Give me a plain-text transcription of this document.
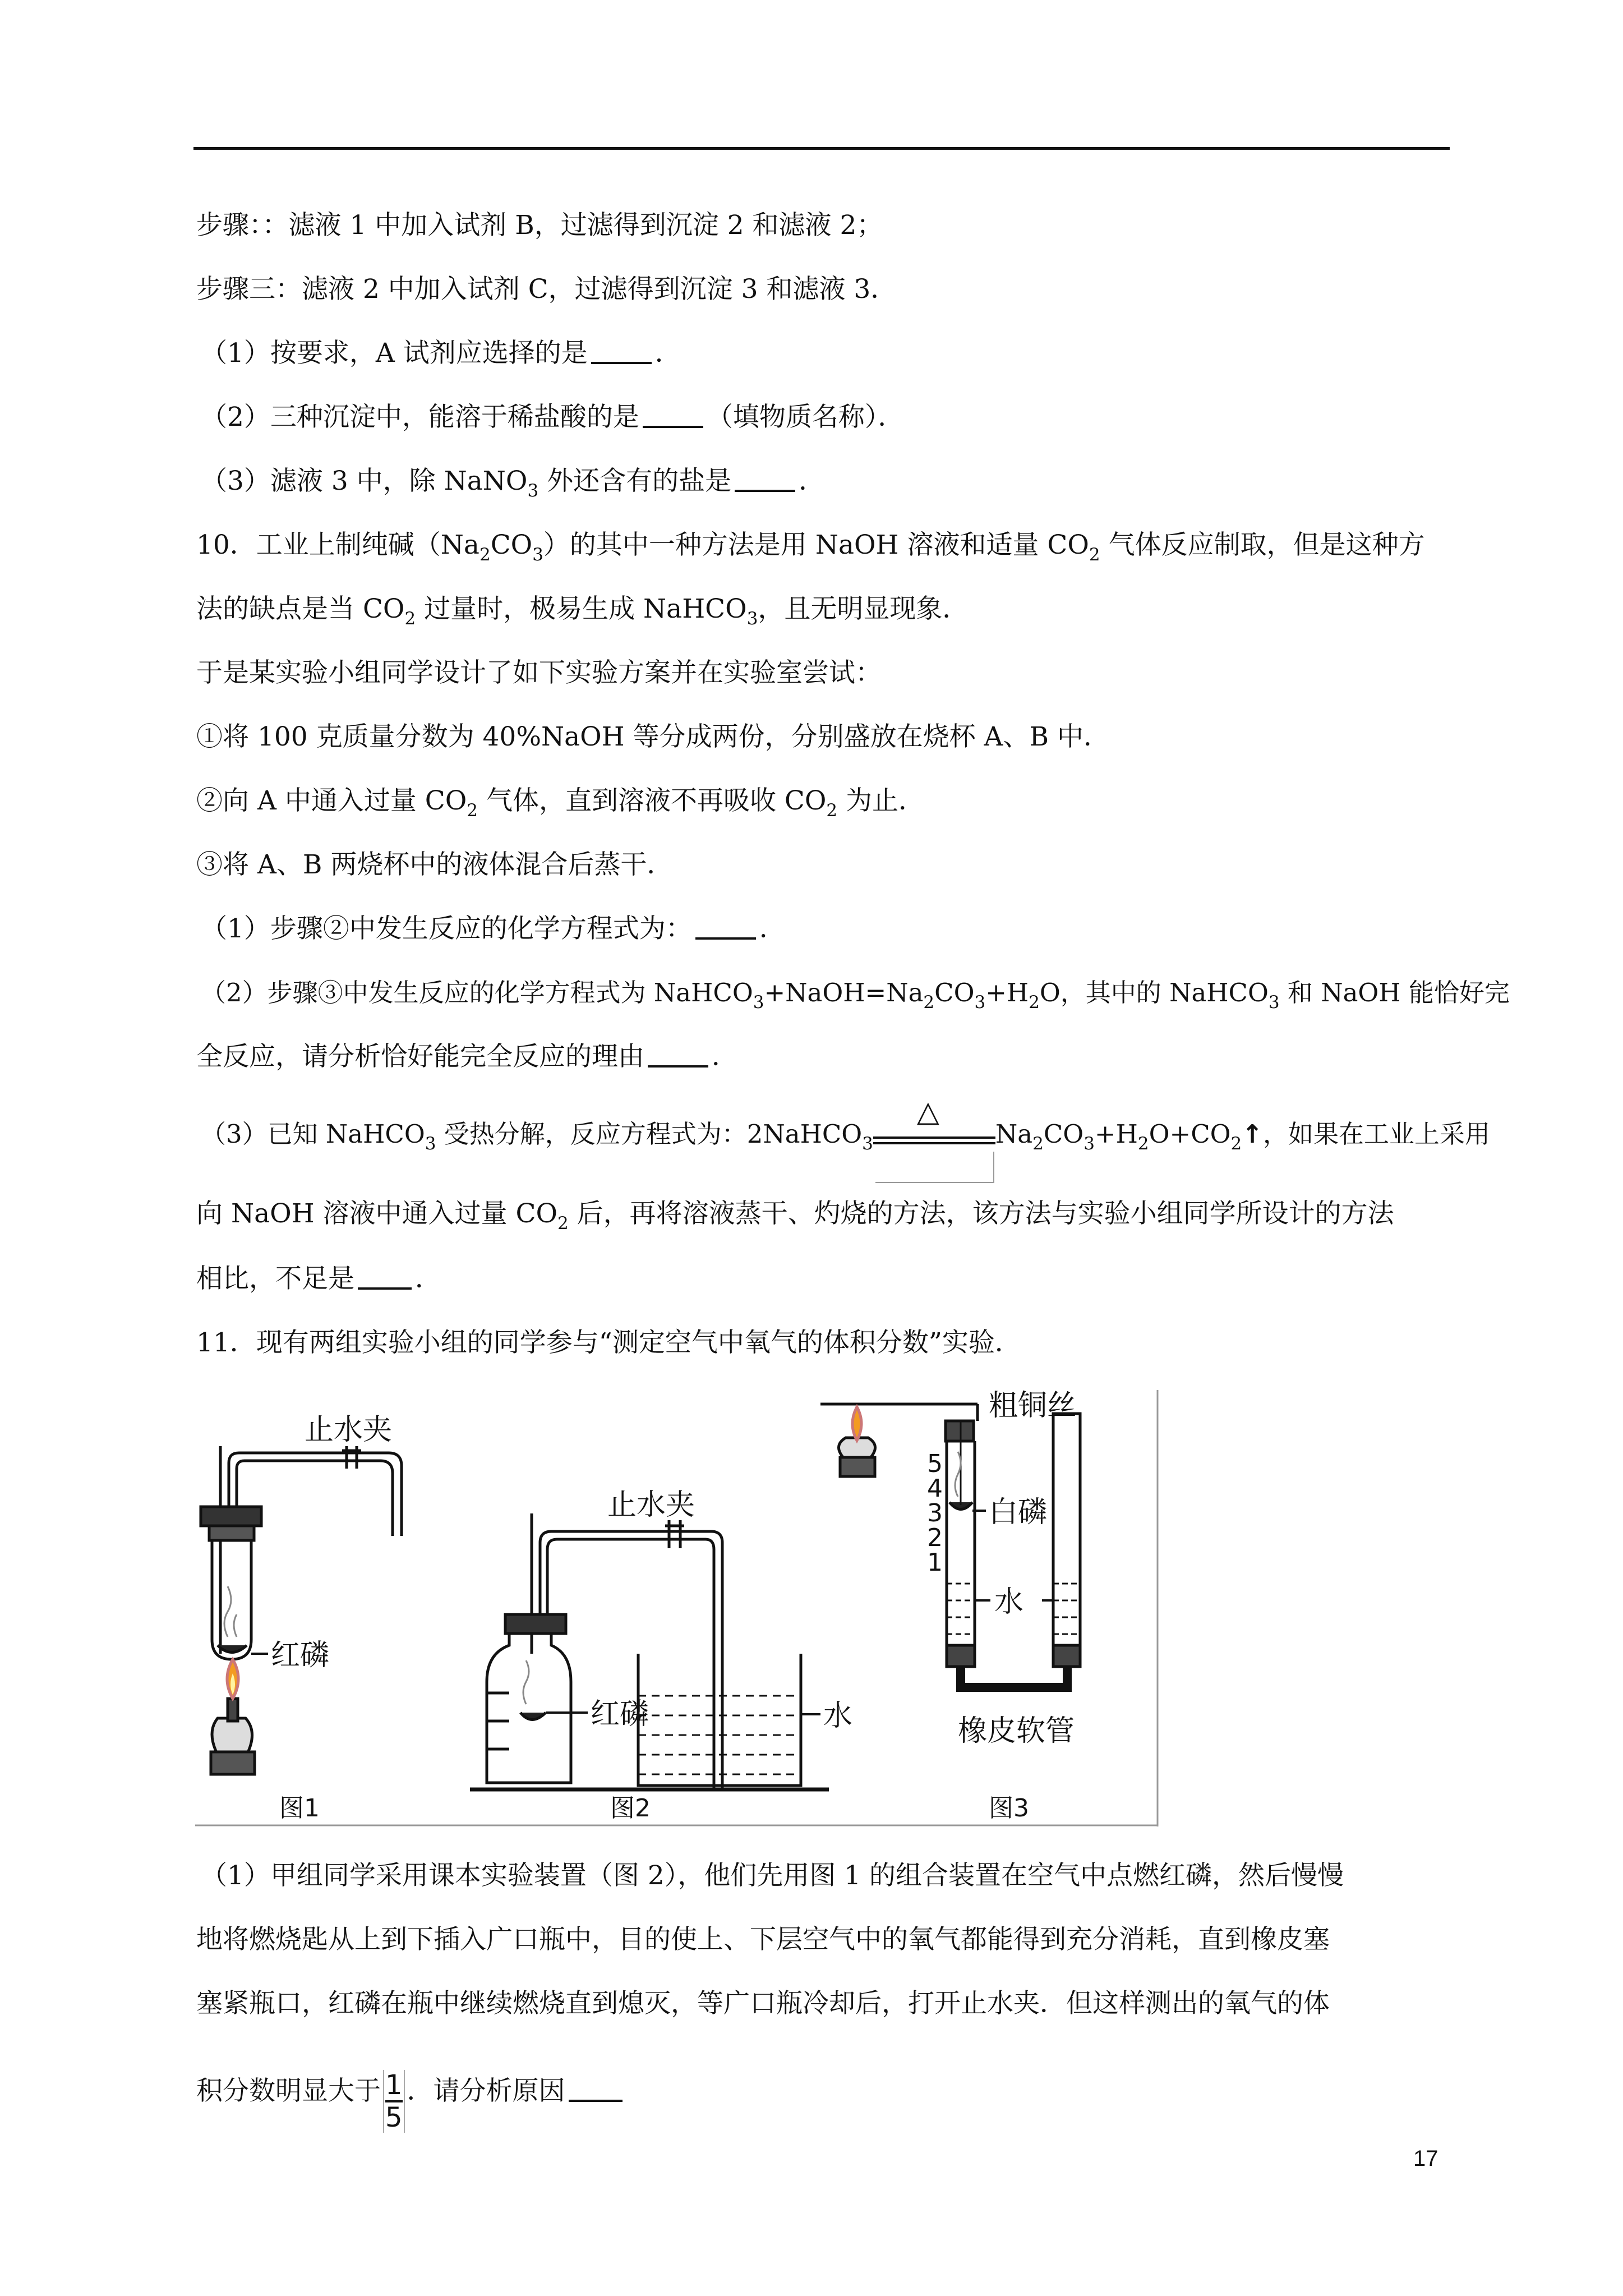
步骤：：滤液 1 中加入试剂 B，过滤得到沉淀 2 和滤液 2；
步骤三：滤液 2 中加入试剂 C，过滤得到沉淀 3 和滤液 3．
（1）按要求，A 试剂应选择的是	．
（2）三种沉淀中，能溶于稀盐酸的是	（填物质名称）．
（3）滤液 3 中，除 NaNO$_3$ 外还含有的盐是	．
10．工业上制纯碱$(Na_2CO_3)$的其中一种方法是用 NaOH 溶液和适量 $CO_2$ 气体反应制取，但是这种方
法的缺点是当 $CO_2$ 过量时，极易生成 NaHCO$_3$，且无明显现象．
于是某实验小组同学设计了如下实验方案并在实验室尝试：
①将 100 克质量分数为 40%NaOH 等分成两份，分别盛放在烧杯 A、B 中．
②向 A 中通入过量 $CO_2$ 气体，直到溶液不再吸收 $CO_2$ 为止．
③将 A、B 两烧杯中的液体混合后蒸干．
（1）步骤②中发生反应的化学方程式为：	．
（2）步骤③中发生反应的化学方程式为 $NaHCO_3+NaOH=Na_2CO_3+H_2O$，其中的 NaHCO$_3$ 和 NaOH 能恰好完
全反应，请分析恰好能完全反应的理由	．
（3）已知 NaHCO$_3$ 受热分解，反应方程式为：2NaHCO$_3$
△
$Na_2CO_3+H_2O+CO_2↑$，如果在工业上采用
向 NaOH 溶液中通入过量 $CO_2$ 后，再将溶液蒸干、灼烧的方法，该方法与实验小组同学所设计的方法
相比，不足是 ．
11．现有两组实验小组的同学参与“测定空气中氧气的体积分数”实验．
止水夹
红磷
图1
止水夹
红磷	水
图2
5
4
3
2
1
粗铜丝
白磷
水
橡皮软管
图3
（1）甲组同学采用课本实验装置（图 2），他们先用图 1 的组合装置在空气中点燃红磷，然后慢慢
地将燃烧匙从上到下插入广口瓶中，目的使上、下层空气中的氧气都能得到充分消耗，直到橡皮塞
塞紧瓶口，红磷在瓶中继续燃烧直到熄灭，等广口瓶冷却后，打开止水夹．但这样测出的氧气的体
积分数明显大于 $\frac{1}{5}$ ．请分析原因
17
